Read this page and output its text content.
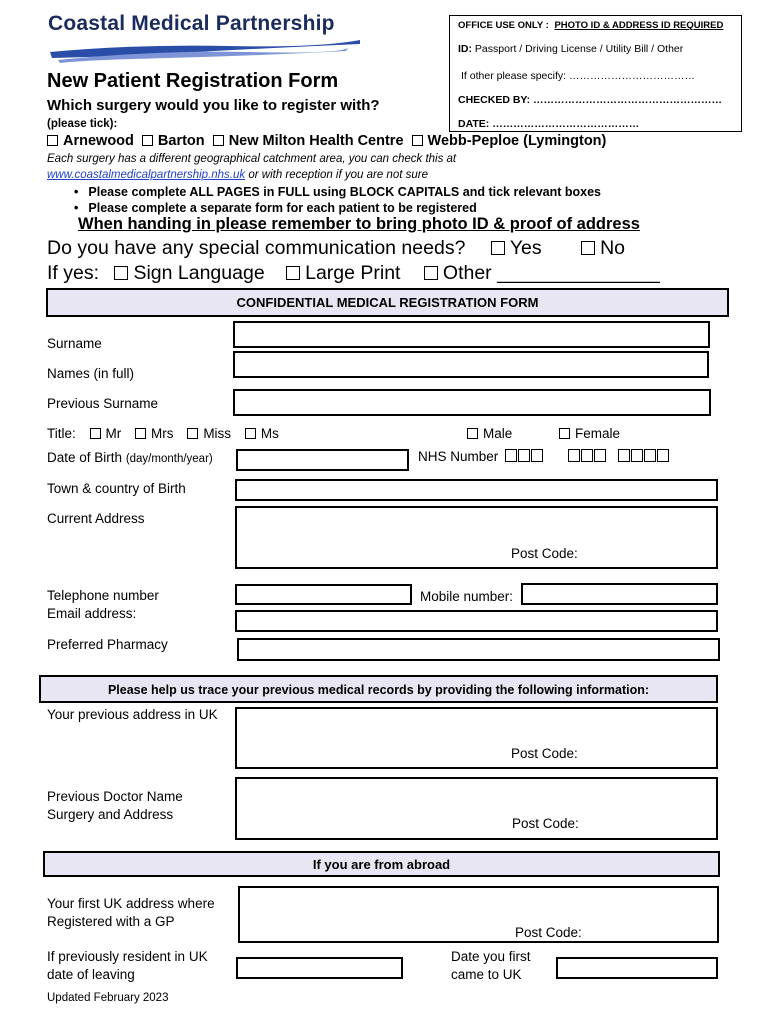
Coastal Medical Partnership	OFFICE USE ONLY : PHOTO ID & ADDRESS ID REQUIRED
ID: Passport / Driving License / Utility Bill / Other
If other please specify: ………………………………
CHECKED BY: ………………………………………………
DATE: ……………………………………
New Patient Registration Form
Which surgery would you like to register with?
(please tick):
Arnewood Barton New Milton Health Centre Webb-Peploe (Lymington)
Each surgery has a different geographical catchment area, you can check this at
www.coastalmedicalpartnership.nhs.uk or with reception if you are not sure
• Please complete ALL PAGES in FULL using BLOCK CAPITALS and tick relevant boxes
• Please complete a separate form for each patient to be registered
When handing in please remember to bring photo ID & proof of address
Do you have any special communication needs? Yes	No
If yes: Sign Language Large Print Other _______________
CONFIDENTIAL MEDICAL REGISTRATION FORM
Surname
Names (in full)
Previous Surname
Title: Mr Mrs Miss Ms	Male	Female
Date of Birth (day/month/year)	NHS Number
Town & country of Birth
Current Address
Post Code:
Telephone number
Email address:
Mobile number:
Preferred Pharmacy
Please help us trace your previous medical records by providing the following information:
Your previous address in UK
Post Code:
Previous Doctor Name
Surgery and Address
Post Code:
If you are from abroad
Your first UK address where
Registered with a GP
Post Code:
If previously resident in UK
date of leaving
Date you first
came to UK
Updated February 2023
